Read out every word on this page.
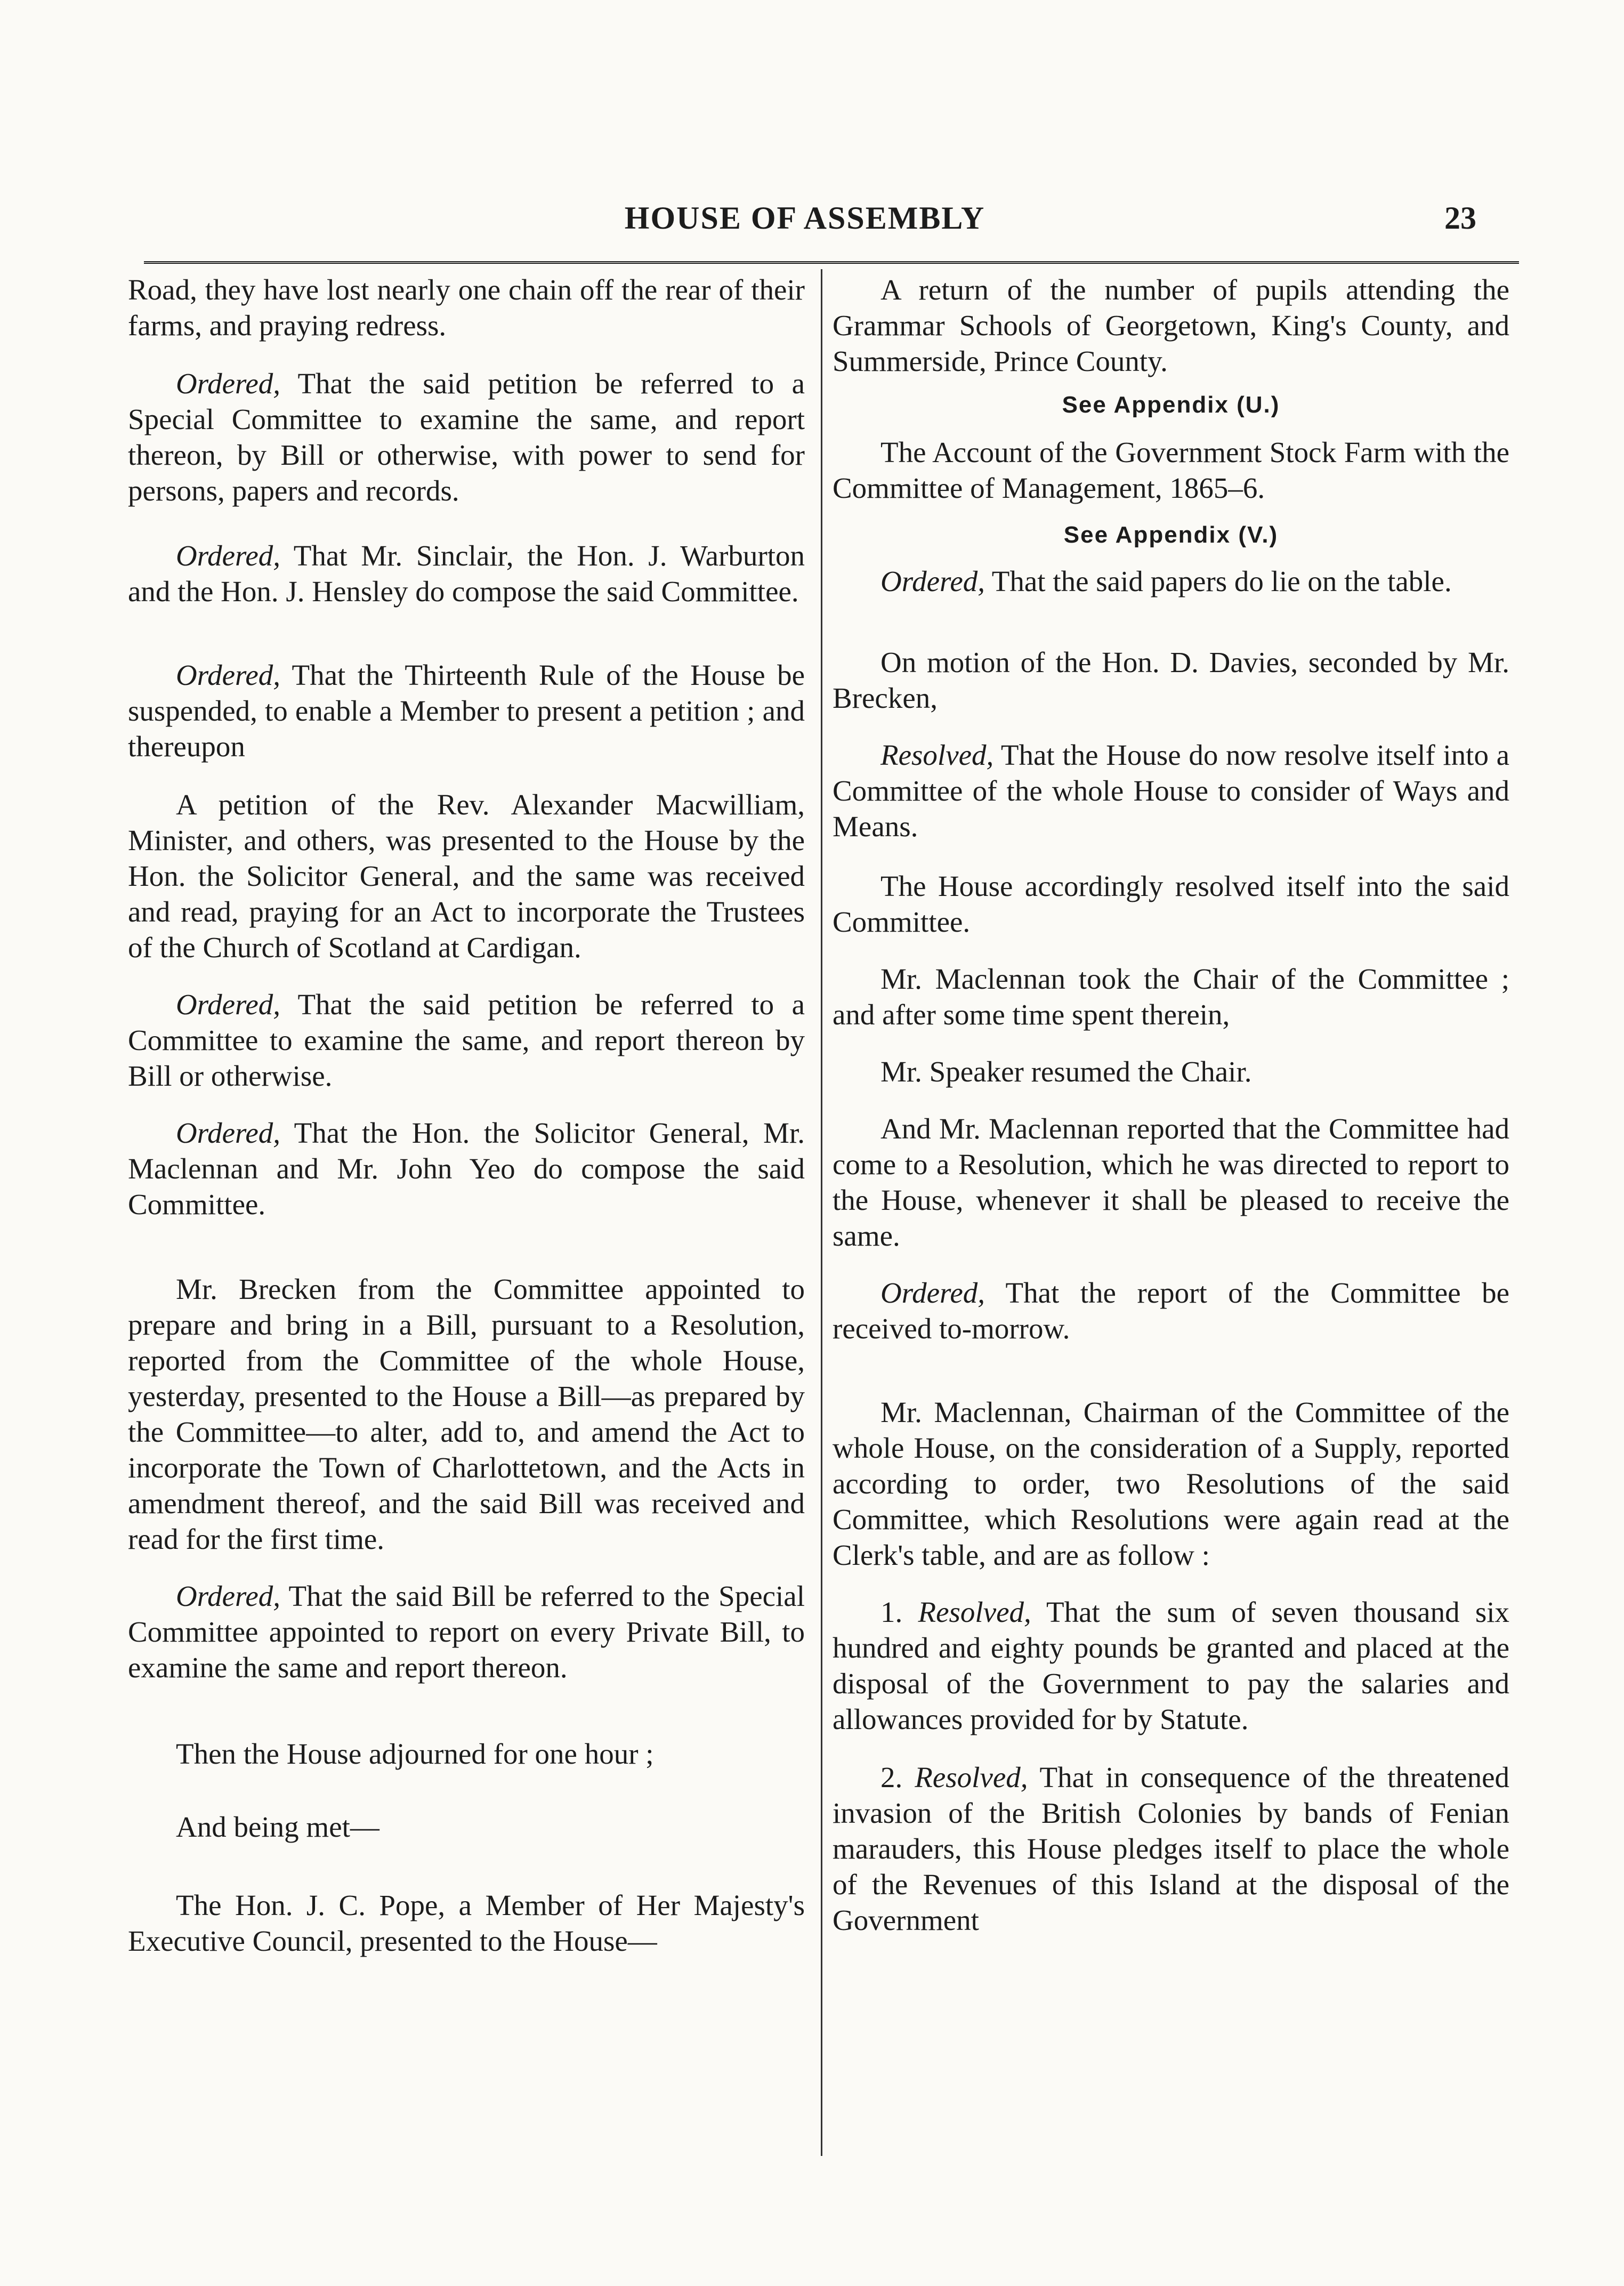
HOUSE OF ASSEMBLY	23

Road, they have lost nearly one chain off the rear of their farms, and praying redress.

Ordered, That the said petition be referred to a Special Committee to examine the same, and report thereon, by Bill or otherwise, with power to send for persons, papers and records.

Ordered, That Mr. Sinclair, the Hon. J. Warburton and the Hon. J. Hensley do compose the said Committee.

Ordered, That the Thirteenth Rule of the House be suspended, to enable a Member to present a petition ; and thereupon

A petition of the Rev. Alexander Macwilliam, Minister, and others, was presented to the House by the Hon. the Solicitor General, and the same was received and read, praying for an Act to incorporate the Trustees of the Church of Scotland at Cardigan.

Ordered, That the said petition be referred to a Committee to examine the same, and report thereon by Bill or otherwise.

Ordered, That the Hon. the Solicitor General, Mr. Maclennan and Mr. John Yeo do compose the said Committee.

Mr. Brecken from the Committee appointed to prepare and bring in a Bill, pursuant to a Resolution, reported from the Committee of the whole House, yesterday, presented to the House a Bill—as prepared by the Committee—to alter, add to, and amend the Act to incorporate the Town of Charlottetown, and the Acts in amendment thereof, and the said Bill was received and read for the first time.

Ordered, That the said Bill be referred to the Special Committee appointed to report on every Private Bill, to examine the same and report thereon.

Then the House adjourned for one hour ;

And being met—

The Hon. J. C. Pope, a Member of Her Majesty's Executive Council, presented to the House—

A return of the number of pupils attending the Grammar Schools of Georgetown, King's County, and Summerside, Prince County.

See Appendix (U.)

The Account of the Government Stock Farm with the Committee of Management, 1865–6.

See Appendix (V.)

Ordered, That the said papers do lie on the table.

On motion of the Hon. D. Davies, seconded by Mr. Brecken,

Resolved, That the House do now resolve itself into a Committee of the whole House to consider of Ways and Means.

The House accordingly resolved itself into the said Committee.

Mr. Maclennan took the Chair of the Committee ; and after some time spent therein,

Mr. Speaker resumed the Chair.

And Mr. Maclennan reported that the Committee had come to a Resolution, which he was directed to report to the House, whenever it shall be pleased to receive the same.

Ordered, That the report of the Committee be received to-morrow.

Mr. Maclennan, Chairman of the Committee of the whole House, on the consideration of a Supply, reported according to order, two Resolutions of the said Committee, which Resolutions were again read at the Clerk's table, and are as follow :

1. Resolved, That the sum of seven thousand six hundred and eighty pounds be granted and placed at the disposal of the Government to pay the salaries and allowances provided for by Statute.

2. Resolved, That in consequence of the threatened invasion of the British Colonies by bands of Fenian marauders, this House pledges itself to place the whole of the Revenues of this Island at the disposal of the Government
